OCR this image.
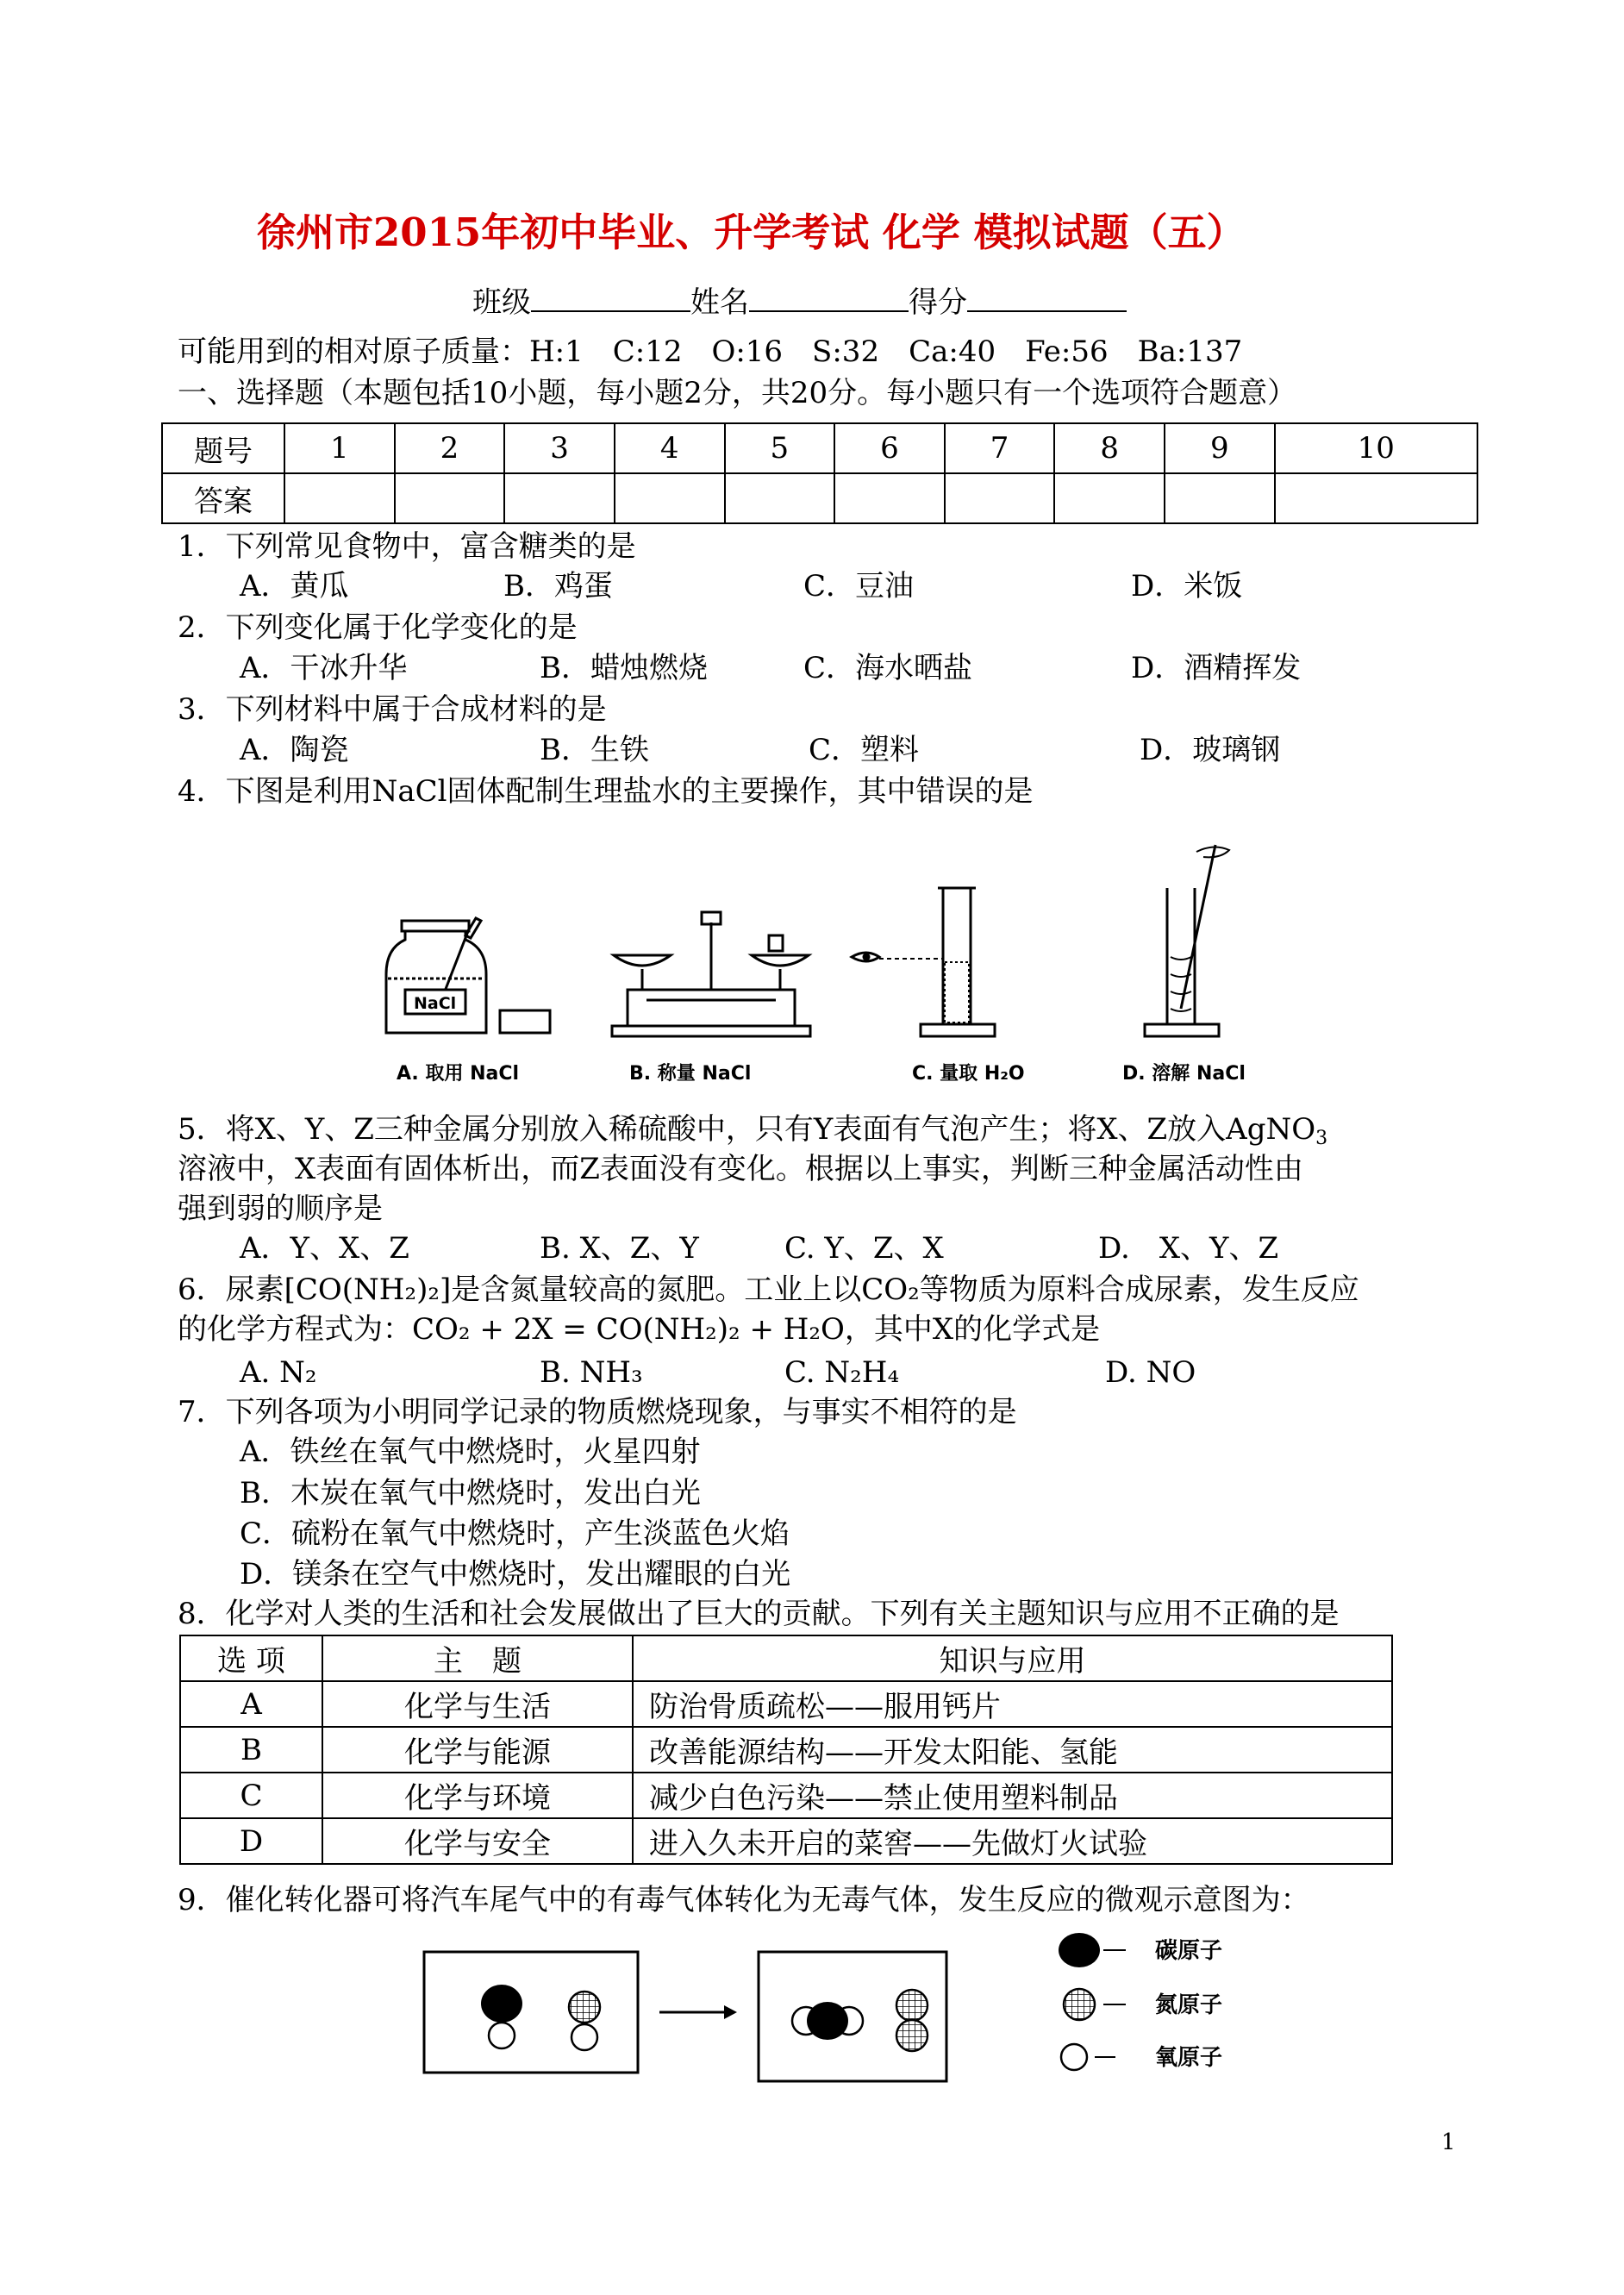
徐州市2015年初中毕业、升学考试 化学 模拟试题（五）
班级	姓名	得分
可能用到的相对原子质量：H:1　C:12　O:16　S:32　Ca:40　Fe:56　Ba:137
一、选择题（本题包括10小题，每小题2分，共20分。每小题只有一个选项符合题意）
题号	1	2	3	4	5	6	7	8	9	10
答案										
1．下列常见食物中，富含糖类的是
A．黄瓜	B．鸡蛋	C．豆油	D．米饭
2．下列变化属于化学变化的是
A．干冰升华	B．蜡烛燃烧	C．海水晒盐	D．酒精挥发
3．下列材料中属于合成材料的是
A．陶瓷	B．生铁	C．塑料	D．玻璃钢
4．下图是利用NaCl固体配制生理盐水的主要操作，其中错误的是
NaCl
A. 取用 NaCl	B. 称量 NaCl	C. 量取 H₂O	D. 溶解 NaCl
5．将X、Y、Z三种金属分别放入稀硫酸中，只有Y表面有气泡产生；将X、Z放入AgNO$_3$
溶液中，X表面有固体析出，而Z表面没有变化。根据以上事实，判断三种金属活动性由
强到弱的顺序是
A．Y、X、Z	B. X、Z、Y	C. Y、Z、X	D.　X、Y、Z
6．尿素[CO(NH₂)₂]是含氮量较高的氮肥。工业上以CO₂等物质为原料合成尿素，发生反应
的化学方程式为：CO₂ + 2X = CO(NH₂)₂ + H₂O，其中X的化学式是
A. N₂	B. NH₃	C. N₂H₄	D. NO
7．下列各项为小明同学记录的物质燃烧现象，与事实不相符的是
A．铁丝在氧气中燃烧时，火星四射
B．木炭在氧气中燃烧时，发出白光
C．硫粉在氧气中燃烧时，产生淡蓝色火焰
D．镁条在空气中燃烧时，发出耀眼的白光
8．化学对人类的生活和社会发展做出了巨大的贡献。下列有关主题知识与应用不正确的是
选 项	主　题	知识与应用
A	化学与生活	防治骨质疏松——服用钙片
B	化学与能源	改善能源结构——开发太阳能、氢能
C	化学与环境	减少白色污染——禁止使用塑料制品
D	化学与安全	进入久未开启的菜窖——先做灯火试验
9．催化转化器可将汽车尾气中的有毒气体转化为无毒气体，发生反应的微观示意图为：
碳原子
氮原子
氧原子
1
